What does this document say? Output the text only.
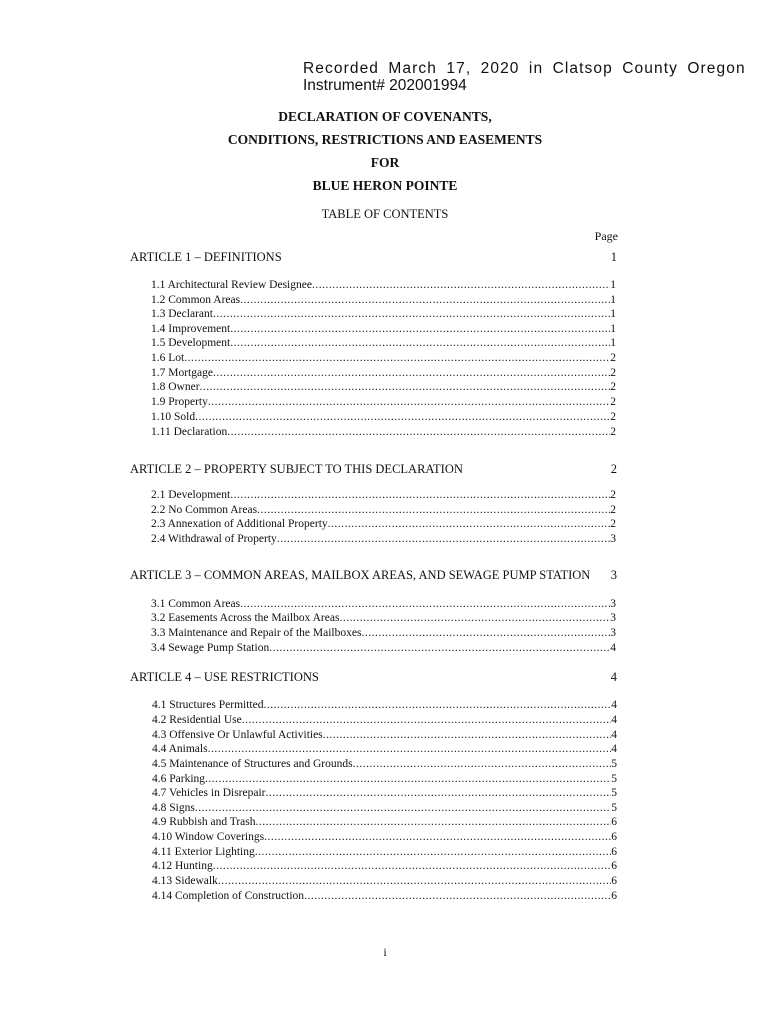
Recorded March 17, 2020 in Clatsop County Oregon
Instrument# 202001994
DECLARATION OF COVENANTS,
CONDITIONS, RESTRICTIONS AND EASEMENTS
FOR
BLUE HERON POINTE
TABLE OF CONTENTS
Page
ARTICLE 1 – DEFINITIONS	1
1.1 Architectural Review Designee .....	1
1.2 Common Areas .....	1
1.3 Declarant .....	1
1.4 Improvement .....	1
1.5 Development .....	1
1.6 Lot .....	2
1.7 Mortgage .....	2
1.8 Owner .....	2
1.9 Property .....	2
1.10 Sold .....	2
1.11 Declaration .....	2
ARTICLE 2 – PROPERTY SUBJECT TO THIS DECLARATION	2
2.1 Development .....	2
2.2 No Common Areas .....	2
2.3 Annexation of Additional Property .....	2
2.4 Withdrawal of Property .....	3
ARTICLE 3 – COMMON AREAS, MAILBOX AREAS, AND SEWAGE PUMP STATION 3
3.1 Common Areas .....	3
3.2 Easements Across the Mailbox Areas .....	3
3.3 Maintenance and Repair of the Mailboxes .....	3
3.4 Sewage Pump Station .....	4
ARTICLE 4 – USE RESTRICTIONS	4
4.1 Structures Permitted .....	4
4.2 Residential Use .....	4
4.3 Offensive Or Unlawful Activities .....	4
4.4 Animals .....	4
4.5 Maintenance of Structures and Grounds .....	5
4.6 Parking .....	5
4.7 Vehicles in Disrepair .....	5
4.8 Signs .....	5
4.9 Rubbish and Trash .....	6
4.10 Window Coverings .....	6
4.11 Exterior Lighting .....	6
4.12 Hunting .....	6
4.13 Sidewalk .....	6
4.14 Completion of Construction .....	6
i
